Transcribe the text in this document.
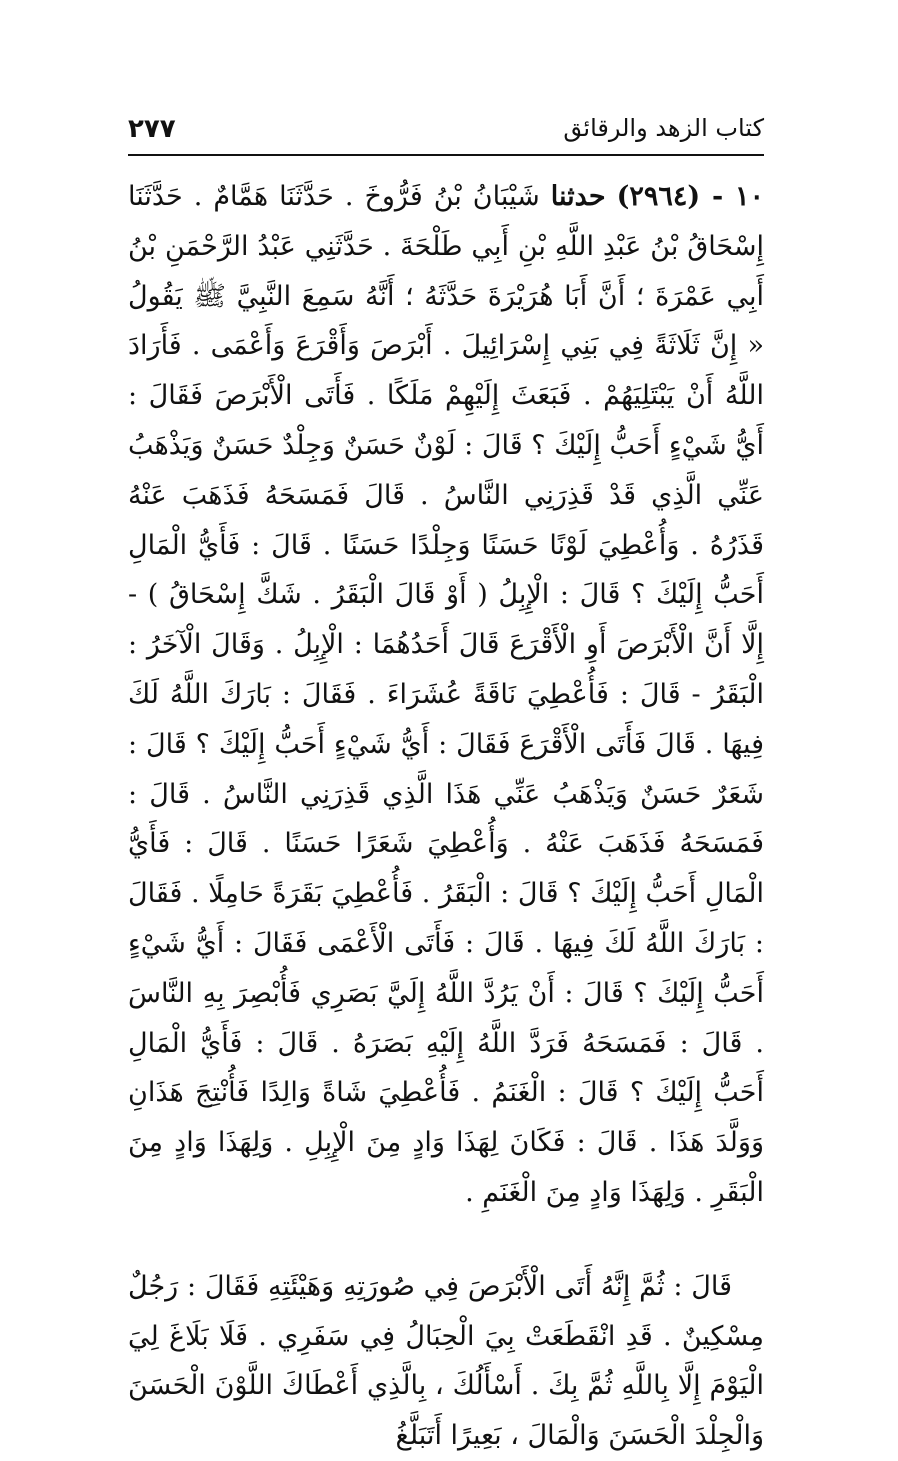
كتاب الزهد والرقائق
٢٧٧

١٠ - (٢٩٦٤) حدثنا شَيْبَانُ بْنُ فَرُّوخَ . حَدَّثَنَا هَمَّامٌ . حَدَّثَنَا إِسْحَاقُ بْنُ عَبْدِ اللَّهِ بْنِ أَبِي طَلْحَةَ . حَدَّثَنِي عَبْدُ الرَّحْمَنِ بْنُ أَبِي عَمْرَةَ ؛ أَنَّ أَبَا هُرَيْرَةَ حَدَّثَهُ ؛ أَنَّهُ سَمِعَ النَّبِيَّ ﷺ يَقُولُ « إِنَّ ثَلَاثَةً فِي بَنِي إِسْرَائِيلَ . أَبْرَصَ وَأَقْرَعَ وَأَعْمَى . فَأَرَادَ اللَّهُ أَنْ يَبْتَلِيَهُمْ . فَبَعَثَ إِلَيْهِمْ مَلَكًا . فَأَتَى الْأَبْرَصَ فَقَالَ : أَيُّ شَيْءٍ أَحَبُّ إِلَيْكَ ؟ قَالَ : لَوْنٌ حَسَنٌ وَجِلْدٌ حَسَنٌ وَيَذْهَبُ عَنِّي الَّذِي قَدْ قَذِرَنِي النَّاسُ . قَالَ فَمَسَحَهُ فَذَهَبَ عَنْهُ قَذَرُهُ . وَأُعْطِيَ لَوْنًا حَسَنًا وَجِلْدًا حَسَنًا . قَالَ : فَأَيُّ الْمَالِ أَحَبُّ إِلَيْكَ ؟ قَالَ : الْإِبِلُ ( أَوْ قَالَ الْبَقَرُ . شَكَّ إِسْحَاقُ ) - إِلَّا أَنَّ الْأَبْرَصَ أَوِ الْأَقْرَعَ قَالَ أَحَدُهُمَا : الْإِبِلُ . وَقَالَ الْآخَرُ : الْبَقَرُ - قَالَ : فَأُعْطِيَ نَاقَةً عُشَرَاءَ . فَقَالَ : بَارَكَ اللَّهُ لَكَ فِيهَا . قَالَ فَأَتَى الْأَقْرَعَ فَقَالَ : أَيُّ شَيْءٍ أَحَبُّ إِلَيْكَ ؟ قَالَ : شَعَرٌ حَسَنٌ وَيَذْهَبُ عَنِّي هَذَا الَّذِي قَذِرَنِي النَّاسُ . قَالَ : فَمَسَحَهُ فَذَهَبَ عَنْهُ . وَأُعْطِيَ شَعَرًا حَسَنًا . قَالَ : فَأَيُّ الْمَالِ أَحَبُّ إِلَيْكَ ؟ قَالَ : الْبَقَرُ . فَأُعْطِيَ بَقَرَةً حَامِلًا . فَقَالَ : بَارَكَ اللَّهُ لَكَ فِيهَا . قَالَ : فَأَتَى الْأَعْمَى فَقَالَ : أَيُّ شَيْءٍ أَحَبُّ إِلَيْكَ ؟ قَالَ : أَنْ يَرُدَّ اللَّهُ إِلَيَّ بَصَرِي فَأُبْصِرَ بِهِ النَّاسَ . قَالَ : فَمَسَحَهُ فَرَدَّ اللَّهُ إِلَيْهِ بَصَرَهُ . قَالَ : فَأَيُّ الْمَالِ أَحَبُّ إِلَيْكَ ؟ قَالَ : الْغَنَمُ . فَأُعْطِيَ شَاةً وَالِدًا فَأُنْتِجَ هَذَانِ وَوَلَّدَ هَذَا . قَالَ : فَكَانَ لِهَذَا وَادٍ مِنَ الْإِبِلِ . وَلِهَذَا وَادٍ مِنَ الْبَقَرِ . وَلِهَذَا وَادٍ مِنَ الْغَنَمِ .

قَالَ : ثُمَّ إِنَّهُ أَتَى الْأَبْرَصَ فِي صُورَتِهِ وَهَيْئَتِهِ فَقَالَ : رَجُلٌ مِسْكِينٌ . قَدِ انْقَطَعَتْ بِيَ الْحِبَالُ فِي سَفَرِي . فَلَا بَلَاغَ لِيَ الْيَوْمَ إِلَّا بِاللَّهِ ثُمَّ بِكَ . أَسْأَلُكَ ، بِالَّذِي أَعْطَاكَ اللَّوْنَ الْحَسَنَ وَالْجِلْدَ الْحَسَنَ وَالْمَالَ ، بَعِيرًا أَتَبَلَّغُ
